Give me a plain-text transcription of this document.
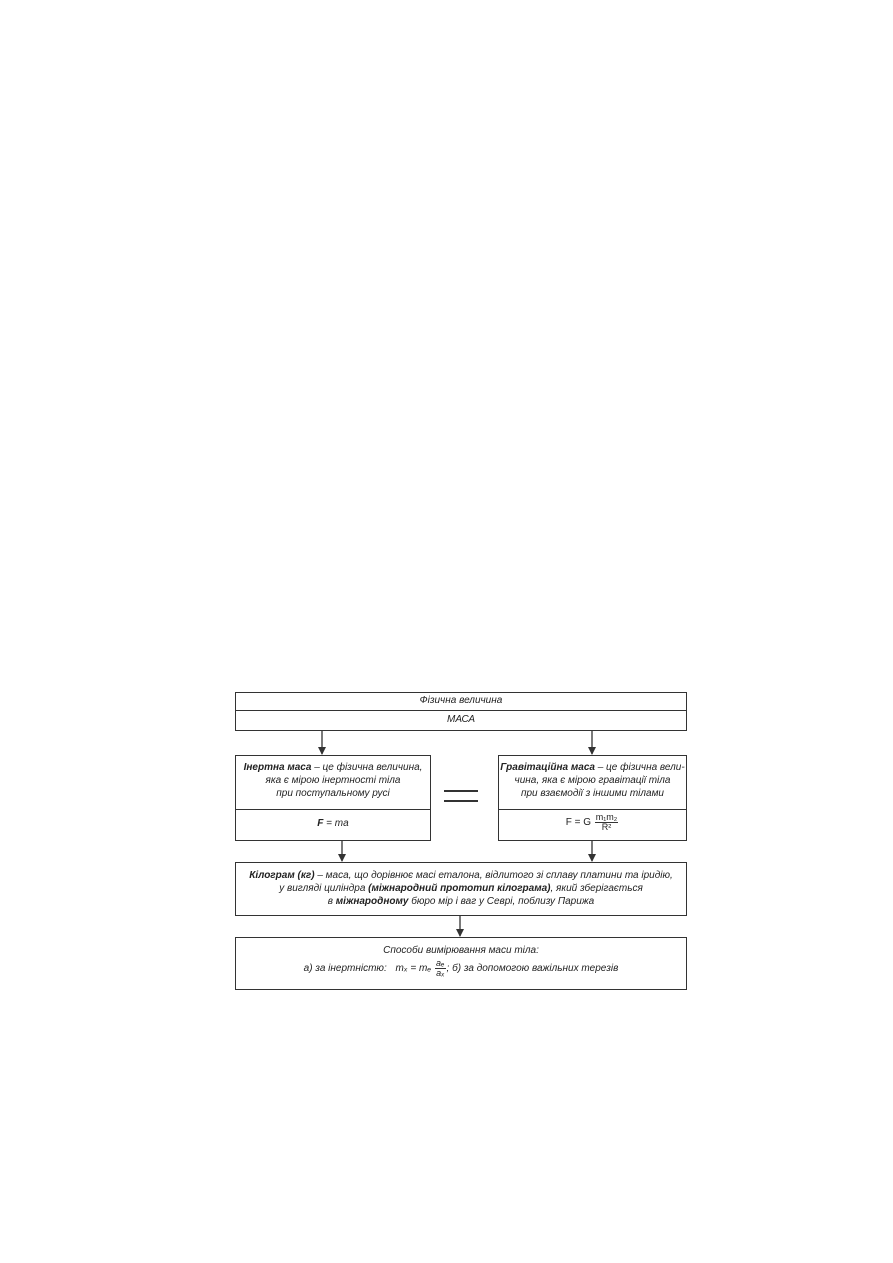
Фізична величина
МАСА
Інертна маса – це фізична величина,
яка є мірою інертності тіла
при поступальному русі
F = ma
Гравітаційна маса – це фізична вели-
чина, яка є мірою гравітації тіла
при взаємодії з іншими тілами
F = G $\frac{\text{m₁m₂}}{\text{R²}}$
Кілограм (кг) – маса, що дорівнює масі еталона, відлитого зі сплаву платини та іридію,
у вигляді циліндра (міжнародний прототип кілограма), який зберігається
в міжнародному бюро мір і ваг у Севрі, поблизу Парижа
Способи вимірювання маси тіла:

а) за інертністю: mₓ = mₑ $\frac{\text{aₑ}}{\text{aₓ}}$ ; б) за допомогою важільних терезів
